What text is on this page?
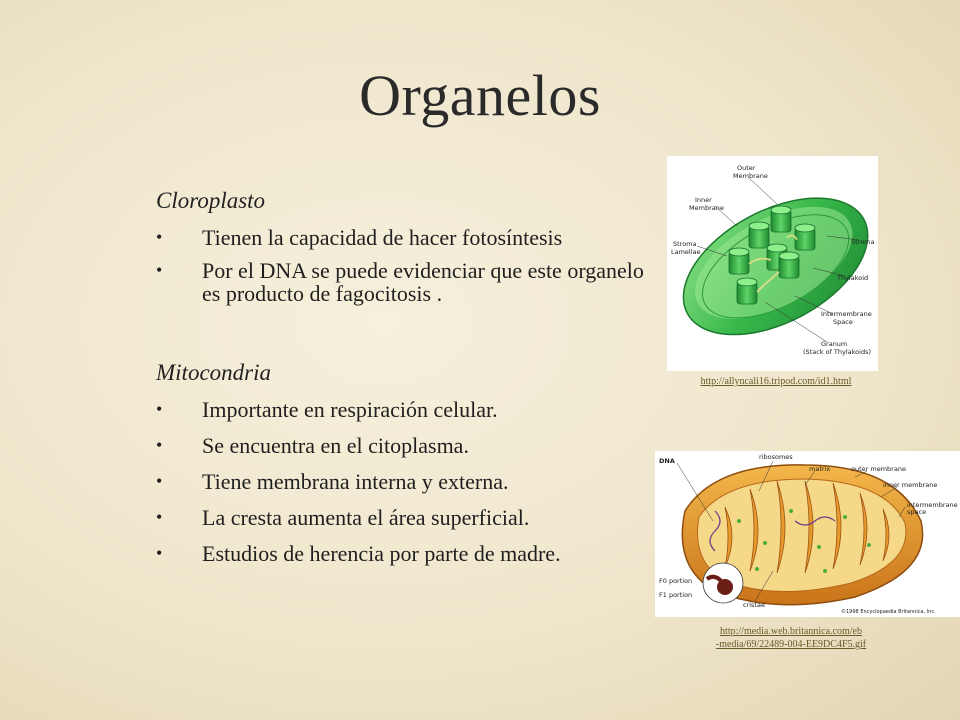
Organelos
Cloroplasto
• Tienen la capacidad de hacer fotosíntesis
• Por el DNA se puede evidenciar que este organelo es producto de fagocitosis .
Mitocondria
• Importante en respiración celular.
• Se encuentra en el citoplasma.
• Tiene membrana interna y externa.
• La cresta aumenta el área superficial.
• Estudios de herencia por parte de madre.
Outer Membrane
Inner Membrane
Stroma Lamellae
Stroma
Thylakoid
Intermembrane Space
Granum (Stack of Thylakoids)
http://allyncali16.tripod.com/id1.html
DNA	ribosomes
matrix	outer membrane
inner membrane
intermembrane space
F0 portion
F1 portion
cristae
©1998 Encyclopaedia Britannica, Inc.
http://media.web.britannica.com/eb
-media/69/22489-004-EE9DC4F5.gif
